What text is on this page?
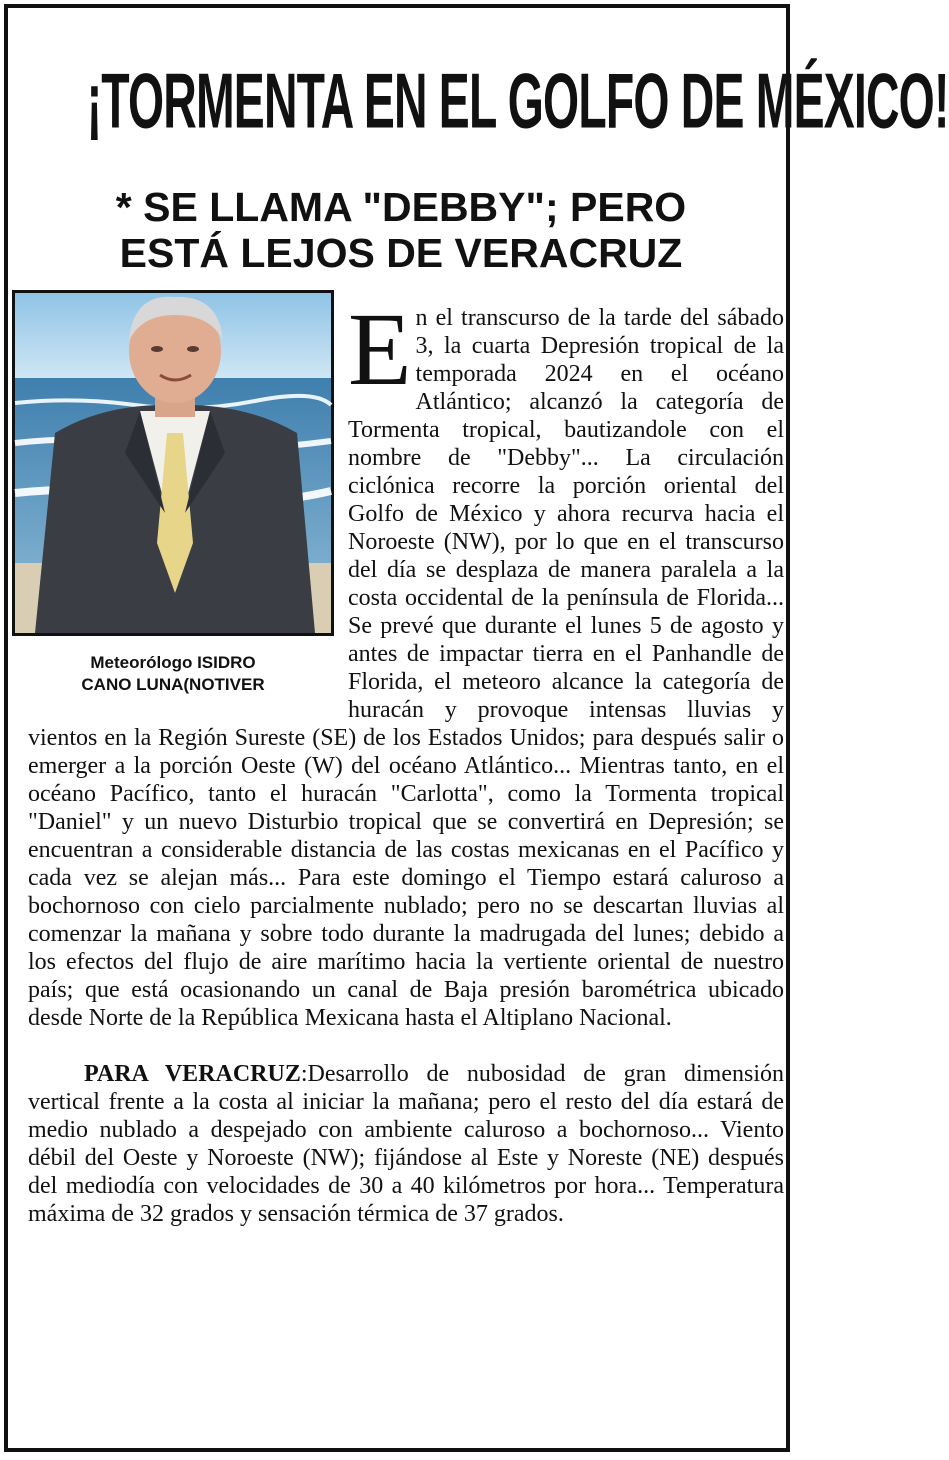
¡TORMENTA EN EL GOLFO DE MÉXICO!
* SE LLAMA "DEBBY"; PERO
ESTÁ LEJOS DE VERACRUZ
Meteorólogo ISIDRO
CANO LUNA(NOTIVER

En el transcurso de la tarde del sábado 3, la cuarta Depresión tropical de la temporada 2024 en el océano Atlántico; alcanzó la categoría de Tormenta tropical, bautizandole con el nombre de "Debby"... La circulación ciclónica recorre la porción oriental del Golfo de México y ahora recurva hacia el Noroeste (NW), por lo que en el transcurso del día se desplaza de manera paralela a la costa occidental de la península de Florida... Se prevé que durante el lunes 5 de agosto y antes de impactar tierra en el Panhandle de Florida, el meteoro alcance la categoría de huracán y provoque intensas lluvias y vientos en la Región Sureste (SE) de los Estados Unidos; para después salir o emerger a la porción Oeste (W) del océano Atlántico... Mientras tanto, en el océano Pacífico, tanto el huracán "Carlotta", como la Tormenta tropical "Daniel" y un nuevo Disturbio tropical que se convertirá en Depresión; se encuentran a considerable distancia de las costas mexicanas en el Pacífico y cada vez se alejan más... Para este domingo el Tiempo estará caluroso a bochornoso con cielo parcialmente nublado; pero no se descartan lluvias al comenzar la mañana y sobre todo durante la madrugada del lunes; debido a los efectos del flujo de aire marítimo hacia la vertiente oriental de nuestro país; que está ocasionando un canal de Baja presión barométrica ubicado desde Norte de la República Mexicana hasta el Altiplano Nacional.

PARA VERACRUZ:Desarrollo de nubosidad de gran dimensión vertical frente a la costa al iniciar la mañana; pero el resto del día estará de medio nublado a despejado con ambiente caluroso a bochornoso... Viento débil del Oeste y Noroeste (NW); fijándose al Este y Noreste (NE) después del mediodía con velocidades de 30 a 40 kilómetros por hora... Temperatura máxima de 32 grados y sensación térmica de 37 grados.
